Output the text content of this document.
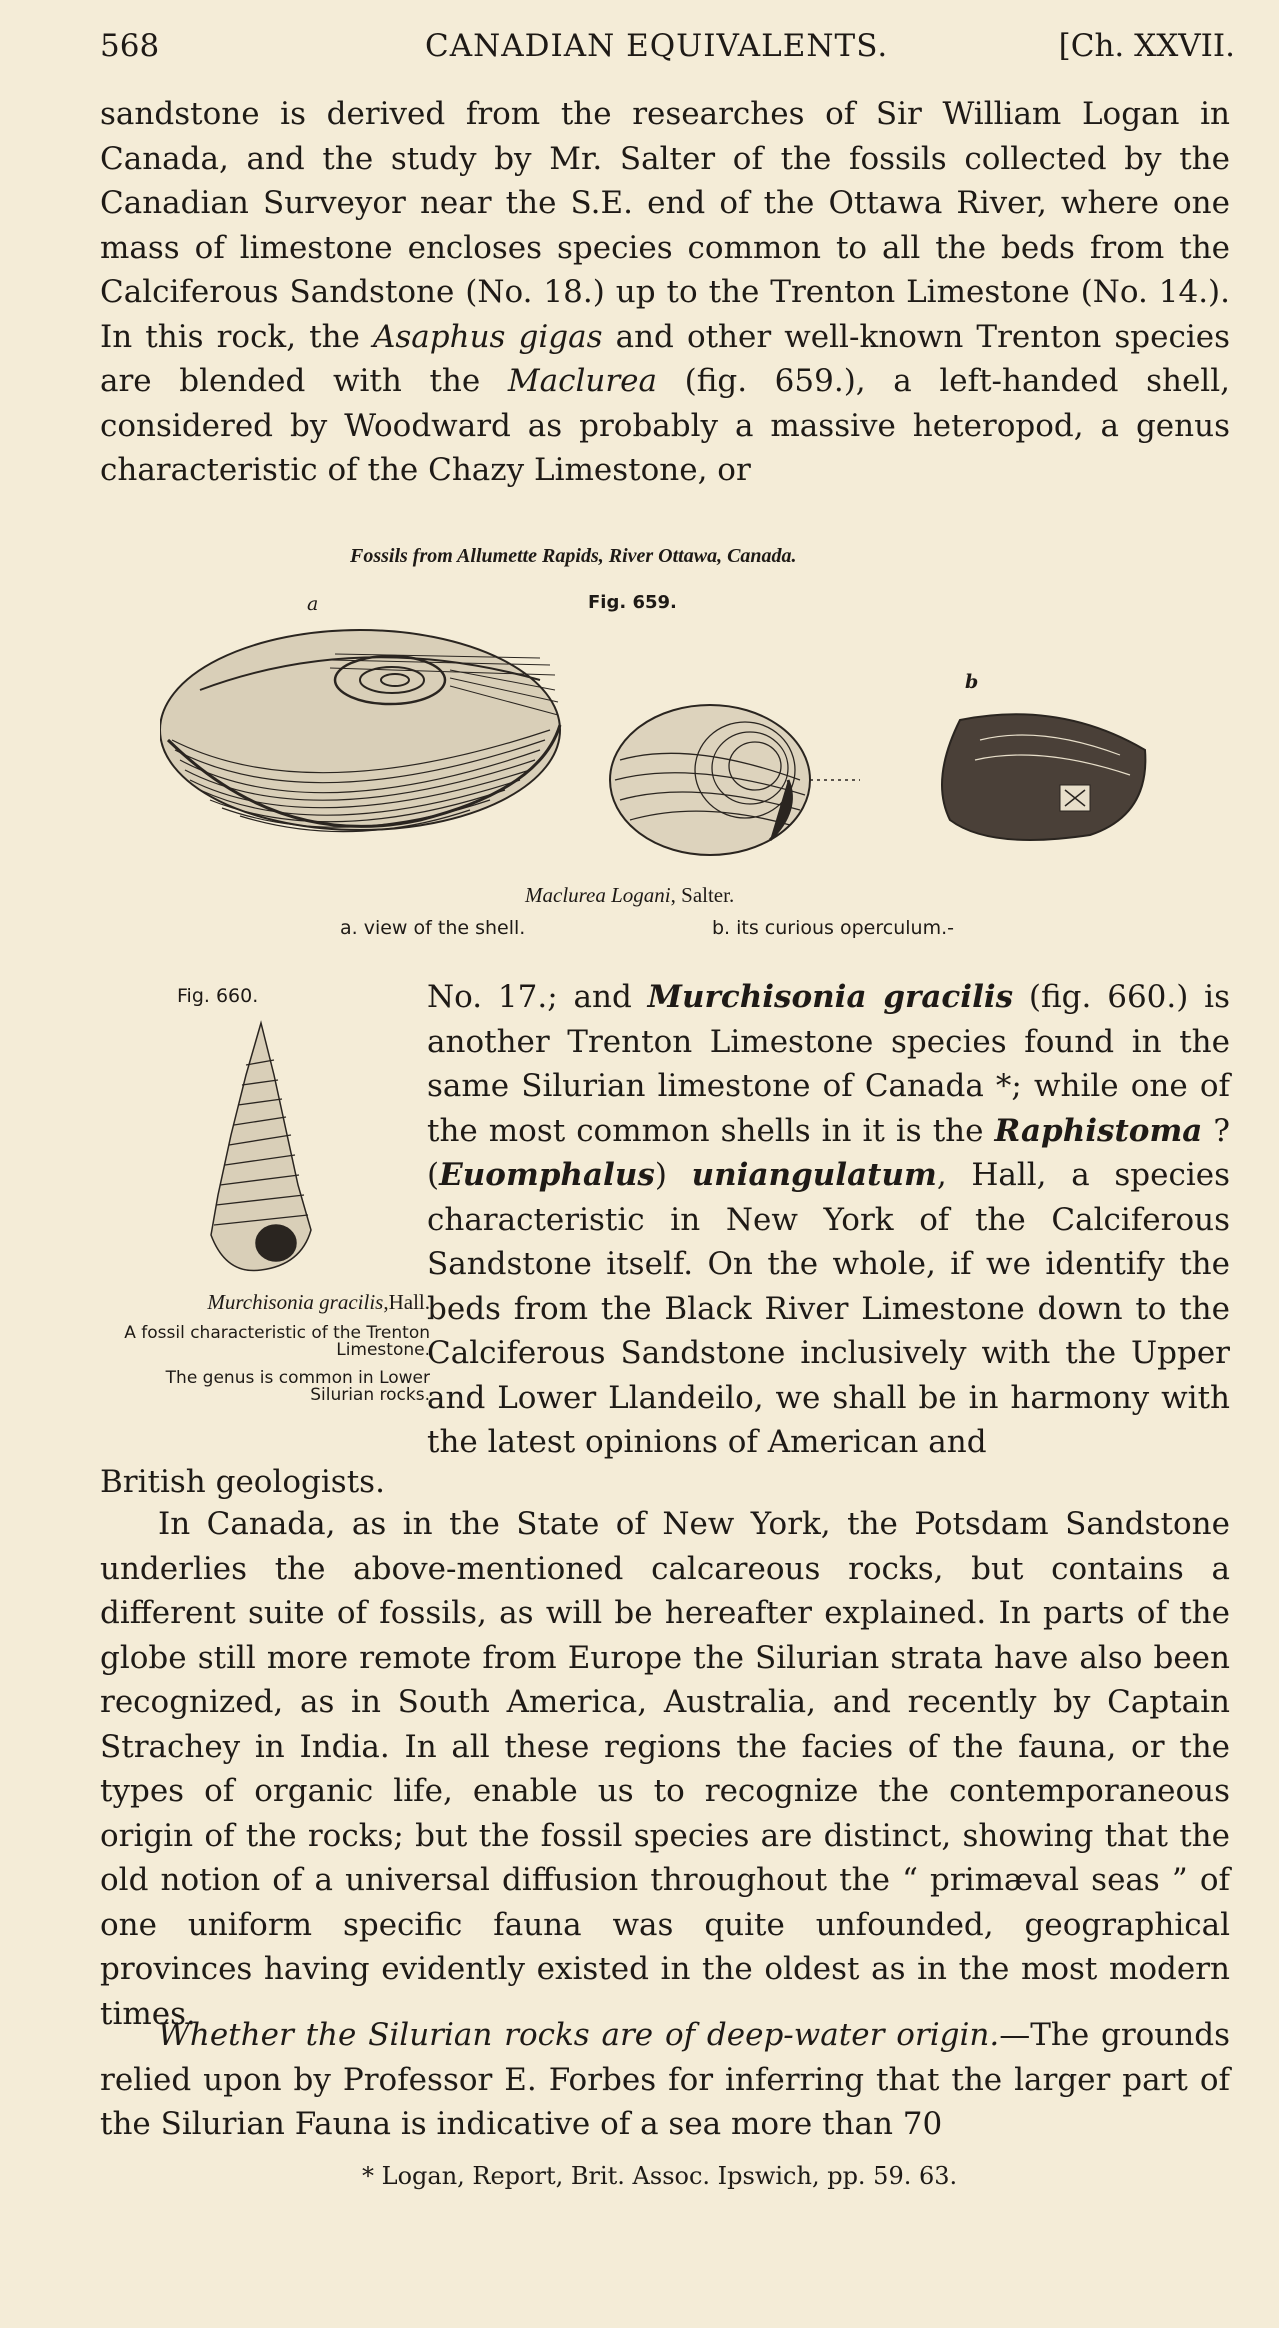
568	CANADIAN EQUIVALENTS.	[Ch. XXVII.

sandstone is derived from the researches of Sir William Logan in Canada, and the study by Mr. Salter of the fossils collected by the Canadian Surveyor near the S.E. end of the Ottawa River, where one mass of limestone encloses species common to all the beds from the Calciferous Sandstone (No. 18.) up to the Trenton Limestone (No. 14.). In this rock, the Asaphus gigas and other well-known Trenton species are blended with the Maclurea (fig. 659.), a left-handed shell, considered by Woodward as probably a massive heteropod, a genus characteristic of the Chazy Limestone, or

Fossils from Allumette Rapids, River Ottawa, Canada.
a	Fig. 659.
b
Maclurea Logani, Salter.
a. view of the shell.	b. its curious operculum.-
Fig. 660.
Murchisonia gracilis,Hall.
A fossil characteristic of the Trenton Limestone.
The genus is common in Lower Silurian rocks.

No. 17.; and Murchisonia gracilis (fig. 660.) is another Trenton Limestone species found in the same Silurian limestone of Canada *; while one of the most common shells in it is the Raphistoma ? (Euomphalus) uniangulatum, Hall, a species characteristic in New York of the Calciferous Sandstone itself. On the whole, if we identify the beds from the Black River Limestone down to the Calciferous Sandstone inclusively with the Upper and Lower Llandeilo, we shall be in harmony with the latest opinions of American and

British geologists.

In Canada, as in the State of New York, the Potsdam Sandstone underlies the above-mentioned calcareous rocks, but contains a different suite of fossils, as will be hereafter explained. In parts of the globe still more remote from Europe the Silurian strata have also been recognized, as in South America, Australia, and recently by Captain Strachey in India. In all these regions the facies of the fauna, or the types of organic life, enable us to recognize the contemporaneous origin of the rocks; but the fossil species are distinct, showing that the old notion of a universal diffusion throughout the “ primæval seas ” of one uniform specific fauna was quite unfounded, geographical provinces having evidently existed in the oldest as in the most modern times.

Whether the Silurian rocks are of deep-water origin.—The grounds relied upon by Professor E. Forbes for inferring that the larger part of the Silurian Fauna is indicative of a sea more than 70

* Logan, Report, Brit. Assoc. Ipswich, pp. 59. 63.
